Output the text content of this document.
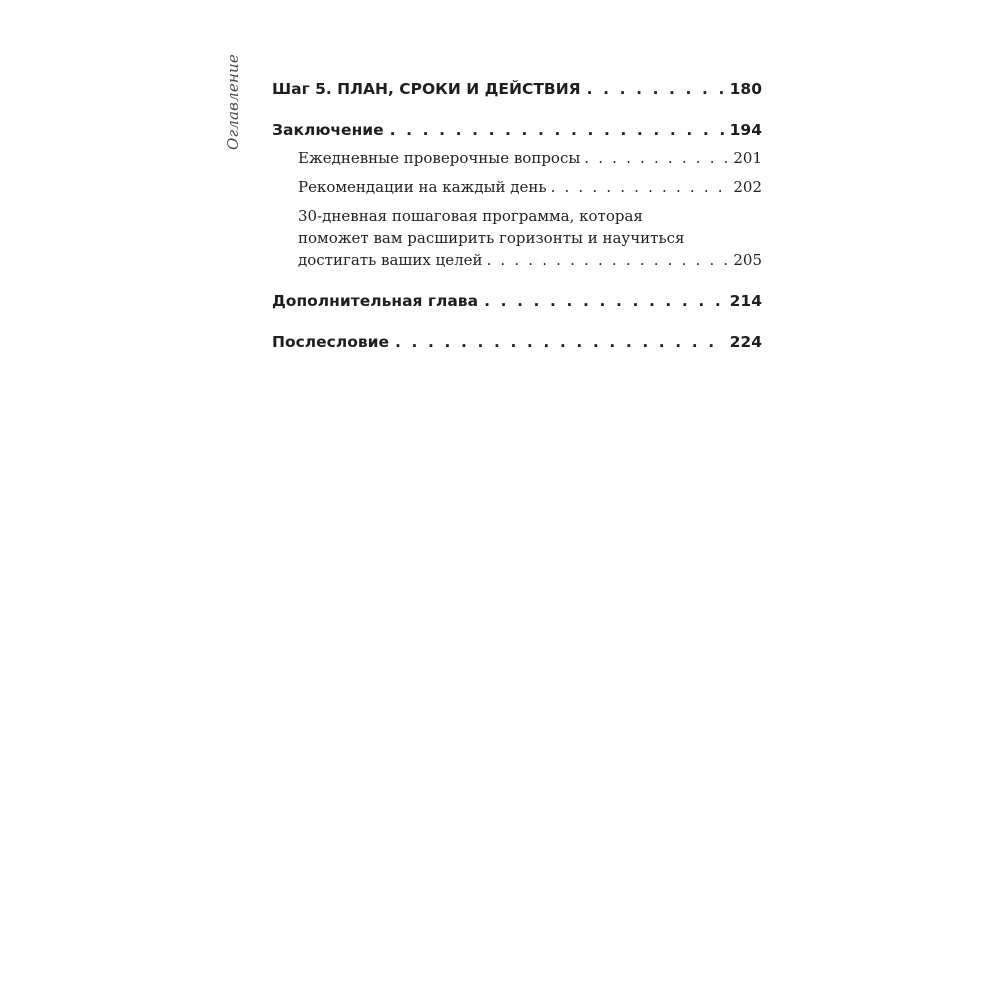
Оглавление Шаг 5. ПЛАН, СРОКИ И ДЕЙСТВИЯ . . .	180
Заключение . . .	194
Ежедневные проверочные вопросы . . .	201
Рекомендации на каждый день . . .	202
30-дневная пошаговая программа, которая
поможет вам расширить горизонты и научиться
достигать ваших целей . . .	205
Дополнительная глава . . .	214
Послесловие . . .	224
